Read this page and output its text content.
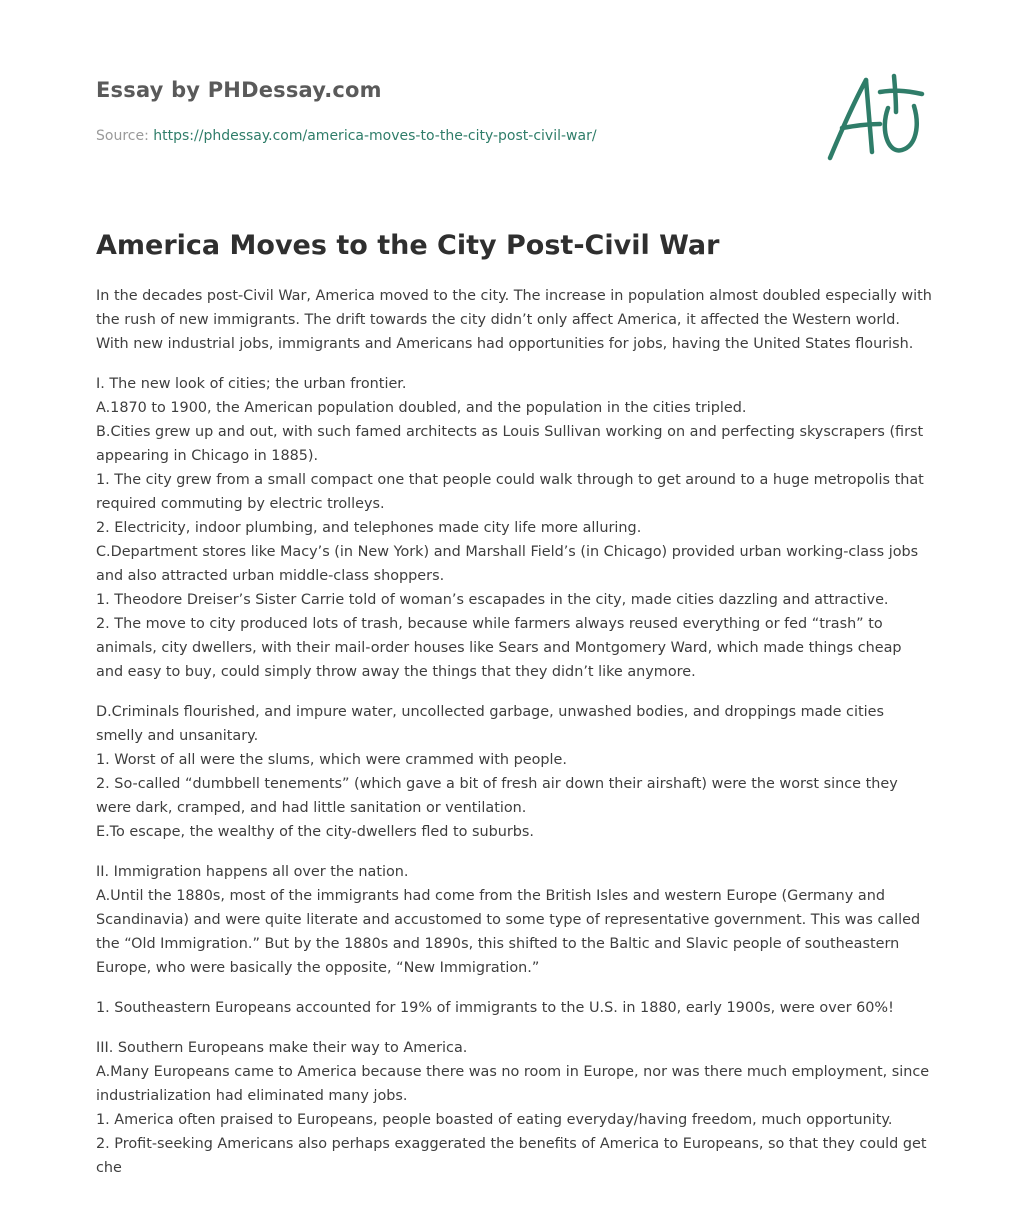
Essay by PHDessay.com
Source: https://phdessay.com/america-moves-to-the-city-post-civil-war/
America Moves to the City Post-Civil War

In the decades post-Civil War, America moved to the city. The increase in population almost doubled especially with the rush of new immigrants. The drift towards the city didn’t only affect America, it affected the Western world. With new industrial jobs, immigrants and Americans had opportunities for jobs, having the United States flourish.

I. The new look of cities; the urban frontier.
A.1870 to 1900, the American population doubled, and the population in the cities tripled.
B.Cities grew up and out, with such famed architects as Louis Sullivan working on and perfecting skyscrapers (first appearing in Chicago in 1885).
1. The city grew from a small compact one that people could walk through to get around to a huge metropolis that required commuting by electric trolleys.
2. Electricity, indoor plumbing, and telephones made city life more alluring.
C.Department stores like Macy’s (in New York) and Marshall Field’s (in Chicago) provided urban working-class jobs and also attracted urban middle-class shoppers.
1. Theodore Dreiser’s Sister Carrie told of woman’s escapades in the city, made cities dazzling and attractive.
2. The move to city produced lots of trash, because while farmers always reused everything or fed “trash” to animals, city dwellers, with their mail-order houses like Sears and Montgomery Ward, which made things cheap and easy to buy, could simply throw away the things that they didn’t like anymore.

D.Criminals flourished, and impure water, uncollected garbage, unwashed bodies, and droppings made cities smelly and unsanitary.
1. Worst of all were the slums, which were crammed with people.
2. So-called “dumbbell tenements” (which gave a bit of fresh air down their airshaft) were the worst since they were dark, cramped, and had little sanitation or ventilation.
E.To escape, the wealthy of the city-dwellers fled to suburbs.

II. Immigration happens all over the nation.
A.Until the 1880s, most of the immigrants had come from the British Isles and western Europe (Germany and Scandinavia) and were quite literate and accustomed to some type of representative government. This was called the “Old Immigration.” But by the 1880s and 1890s, this shifted to the Baltic and Slavic people of southeastern Europe, who were basically the opposite, “New Immigration.”

1. Southeastern Europeans accounted for 19% of immigrants to the U.S. in 1880, early 1900s, were over 60%!

III. Southern Europeans make their way to America.
A.Many Europeans came to America because there was no room in Europe, nor was there much employment, since industrialization had eliminated many jobs.
1. America often praised to Europeans, people boasted of eating everyday/having freedom, much opportunity.
2. Profit-seeking Americans also perhaps exaggerated the benefits of America to Europeans, so that they could get che
